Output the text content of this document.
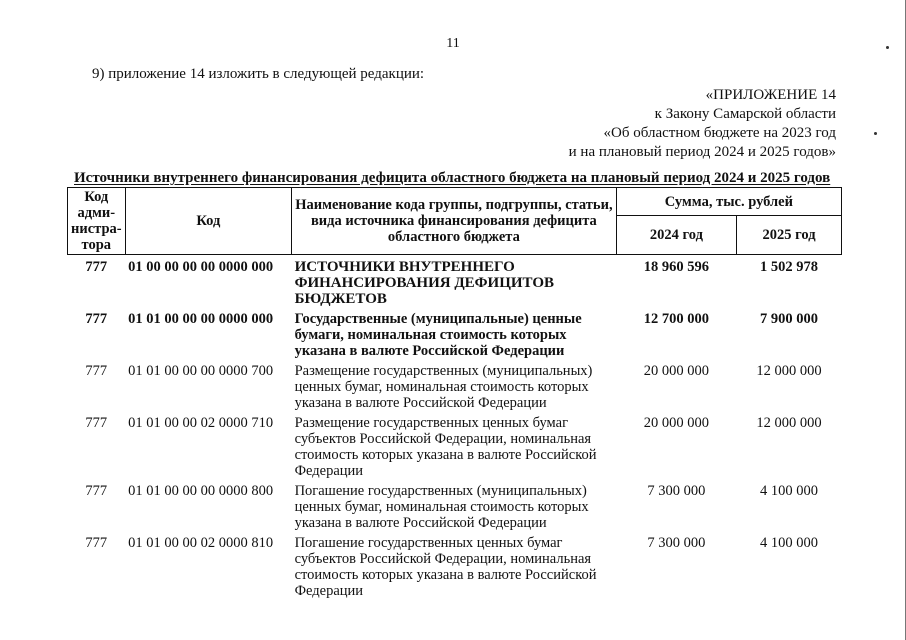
11
9) приложение 14 изложить в следующей редакции:
«ПРИЛОЖЕНИЕ 14
к Закону Самарской области
«Об областном бюджете на 2023 год
и на плановый период 2024 и 2025 годов»
Источники внутреннего финансирования дефицита областного бюджета на плановый период 2024 и 2025 годов
Код адми-нистра-тора	Код	Наименование кода группы, подгруппы, статьи, вида источника финансирования дефицита областного бюджета	Сумма, тыс. рублей	
			2024 год	2025 год
777	01 00 00 00 00 0000 000	ИСТОЧНИКИ ВНУТРЕННЕГО ФИНАНСИРОВАНИЯ ДЕФИЦИТОВ БЮДЖЕТОВ	18 960 596	1 502 978
777	01 01 00 00 00 0000 000	Государственные (муниципальные) ценные бумаги, номинальная стоимость которых указана в валюте Российской Федерации	12 700 000	7 900 000
777	01 01 00 00 00 0000 700	Размещение государственных (муниципальных) ценных бумаг, номинальная стоимость которых указана в валюте Российской Федерации	20 000 000	12 000 000
777	01 01 00 00 02 0000 710	Размещение государственных ценных бумаг субъектов Российской Федерации, номинальная стоимость которых указана в валюте Российской Федерации	20 000 000	12 000 000
777	01 01 00 00 00 0000 800	Погашение государственных (муниципальных) ценных бумаг, номинальная стоимость которых указана в валюте Российской Федерации	7 300 000	4 100 000
777	01 01 00 00 02 0000 810	Погашение государственных ценных бумаг субъектов Российской Федерации, номинальная стоимость которых указана в валюте Российской Федерации	7 300 000	4 100 000
